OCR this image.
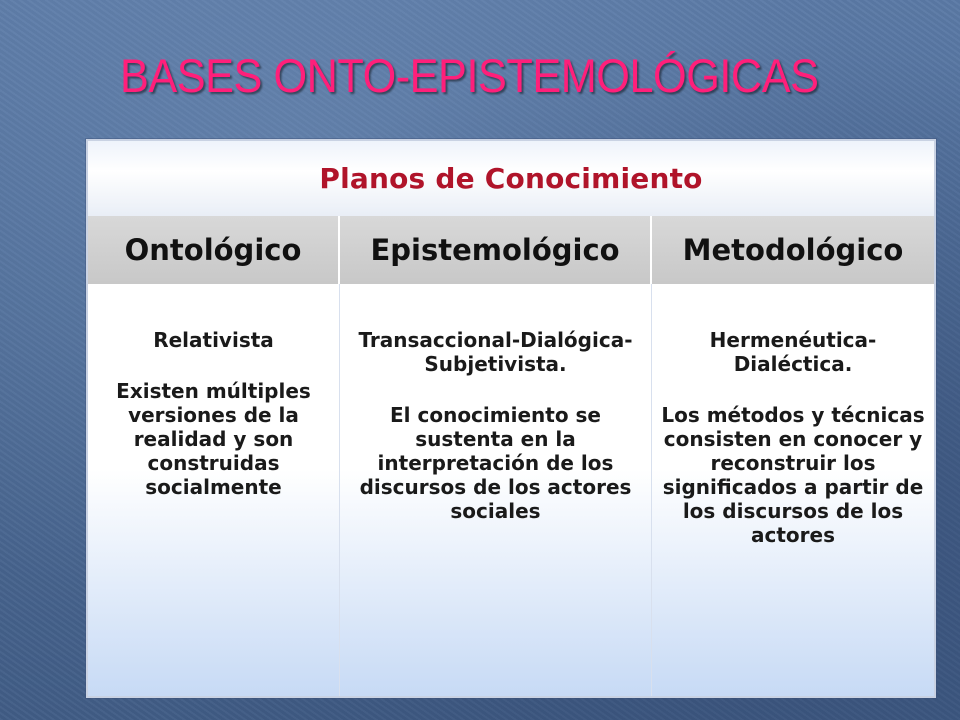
BASES ONTO-EPISTEMOLÓGICAS
Planos de Conocimiento
Ontológico Epistemológico Metodológico

Relativista

Existen múltiples versiones de la realidad y son construidas socialmente

Transaccional-Dialógica-Subjetivista.

El conocimiento se sustenta en la interpretación de los discursos de los actores sociales

Hermenéutica-Dialéctica.

Los métodos y técnicas consisten en conocer y reconstruir los significados a partir de los discursos de los actores
